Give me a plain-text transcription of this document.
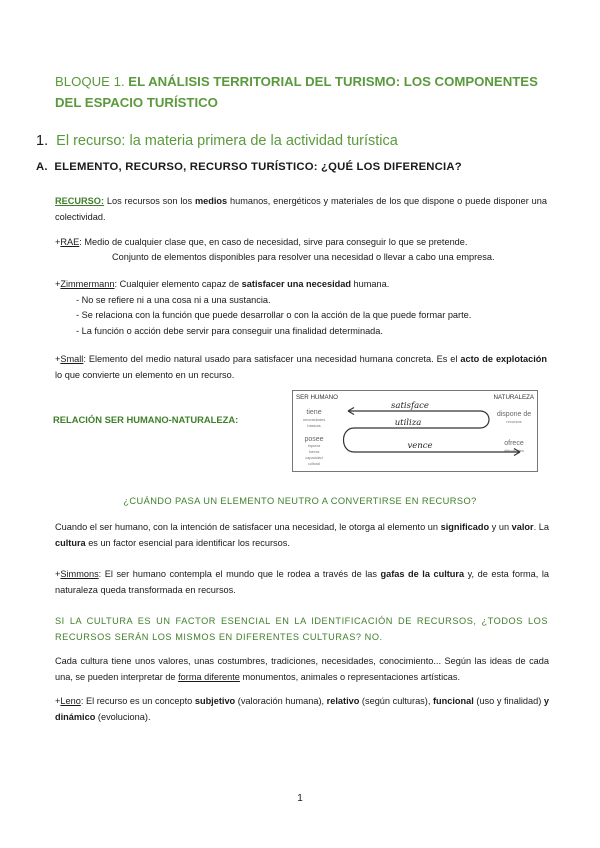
BLOQUE 1. EL ANÁLISIS TERRITORIAL DEL TURISMO: LOS COMPONENTES DEL ESPACIO TURÍSTICO
1. El recurso: la materia primera de la actividad turística
A. ELEMENTO, RECURSO, RECURSO TURÍSTICO: ¿QUÉ LOS DIFERENCIA?
RECURSO: Los recursos son los medios humanos, energéticos y materiales de los que dispone o puede disponer una colectividad.
+RAE: Medio de cualquier clase que, en caso de necesidad, sirve para conseguir lo que se pretende.
Conjunto de elementos disponibles para resolver una necesidad o llevar a cabo una empresa.
+Zimmermann: Cualquier elemento capaz de satisfacer una necesidad humana.
- No se refiere ni a una cosa ni a una sustancia.
- Se relaciona con la función que puede desarrollar o con la acción de la que puede formar parte.
- La función o acción debe servir para conseguir una finalidad determinada.
+Small: Elemento del medio natural usado para satisfacer una necesidad humana concreta. Es el acto de explotación lo que convierte un elemento en un recurso.
RELACIÓN SER HUMANO-NATURALEZA:
SER HUMANO	NATURALEZA
tiene
necesidades
básicas
posee
riqueza
fuerza
capacidad
cultural
dispone de
recursos
ofrece
dificultades
satisface
utiliza
vence
¿CUÁNDO PASA UN ELEMENTO NEUTRO A CONVERTIRSE EN RECURSO?
Cuando el ser humano, con la intención de satisfacer una necesidad, le otorga al elemento un significado y un valor. La cultura es un factor esencial para identificar los recursos.
+Simmons: El ser humano contempla el mundo que le rodea a través de las gafas de la cultura y, de esta forma, la naturaleza queda transformada en recursos.
SI LA CULTURA ES UN FACTOR ESENCIAL EN LA IDENTIFICACIÓN DE RECURSOS, ¿TODOS LOS RECURSOS SERÁN LOS MISMOS EN DIFERENTES CULTURAS? NO.
Cada cultura tiene unos valores, unas costumbres, tradiciones, necesidades, conocimiento... Según las ideas de cada una, se pueden interpretar de forma diferente monumentos, animales o representaciones artísticas.
+Leno: El recurso es un concepto subjetivo (valoración humana), relativo (según culturas), funcional (uso y finalidad) y dinámico (evoluciona).
1
